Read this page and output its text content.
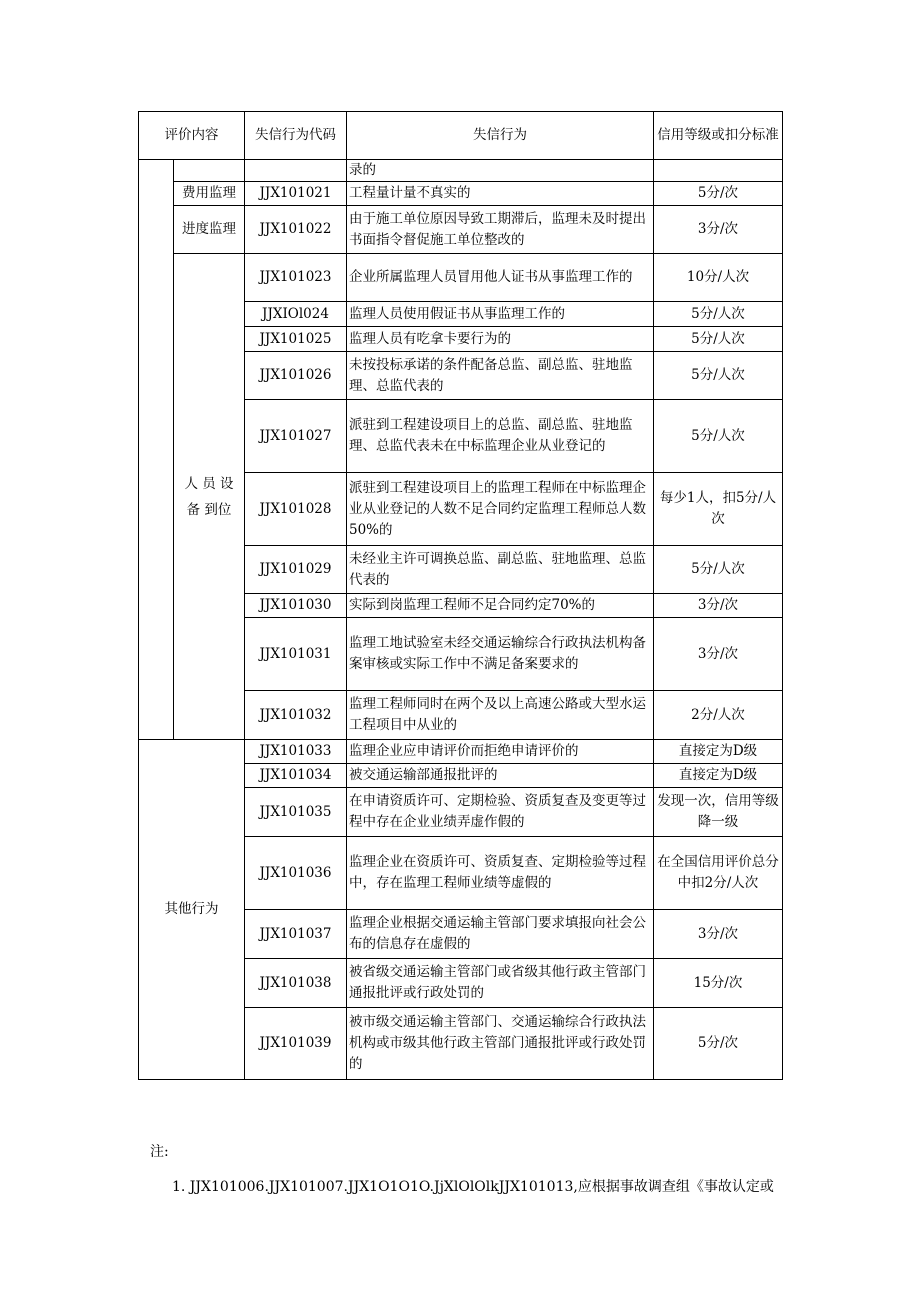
评价内容		失信行为代码	失信行为	信用等级或扣分标准
			录的	
	费用监理	JJX101021	工程量计量不真实的	5分/次
	进度监理	JJX101022	由于施工单位原因导致工期滞后，监理未及时提出书面指令督促施工单位整改的	3分/次
	人 员 设 备 到位	JJX101023	企业所属监理人员冒用他人证书从事监理工作的	10分/人次
		JJXIOl024	监理人员使用假证书从事监理工作的	5分/人次
		JJX101025	监理人员有吃拿卡要行为的	5分/人次
		JJX101026	未按投标承诺的条件配备总监、副总监、驻地监理、总监代表的	5分/人次
		JJX101027	派驻到工程建设项目上的总监、副总监、驻地监理、总监代表未在中标监理企业从业登记的	5分/人次
		JJX101028	派驻到工程建设项目上的监理工程师在中标监理企业从业登记的人数不足合同约定监理工程师总人数50%的	每少1人，扣5分/人次
		JJX101029	未经业主许可调换总监、副总监、驻地监理、总监代表的	5分/人次
		JJX101030	实际到岗监理工程师不足合同约定70%的	3分/次
		JJX101031	监理工地试验室未经交通运输综合行政执法机构备案审核或实际工作中不满足备案要求的	3分/次
		JJX101032	监理工程师同时在两个及以上高速公路或大型水运工程项目中从业的	2分/人次
其他行为		JJX101033	监理企业应申请评价而拒绝申请评价的	直接定为D级
		JJX101034	被交通运输部通报批评的	直接定为D级
		JJX101035	在申请资质许可、定期检验、资质复查及变更等过程中存在企业业绩弄虚作假的	发现一次，信用等级降一级
		JJX101036	监理企业在资质许可、资质复查、定期检验等过程中，存在监理工程师业绩等虚假的	在全国信用评价总分中扣2分/人次
		JJX101037	监理企业根据交通运输主管部门要求填报向社会公布的信息存在虚假的	3分/次
		JJX101038	被省级交通运输主管部门或省级其他行政主管部门通报批评或行政处罚的	15分/次
		JJX101039	被市级交通运输主管部门、交通运输综合行政执法机构或市级其他行政主管部门通报批评或行政处罚的	5分/次
注:
1. JJX101006.JJX101007.JJX1O1O1O.JjXlOlOlkJJX101013,应根据事故调查组《事故认定或
